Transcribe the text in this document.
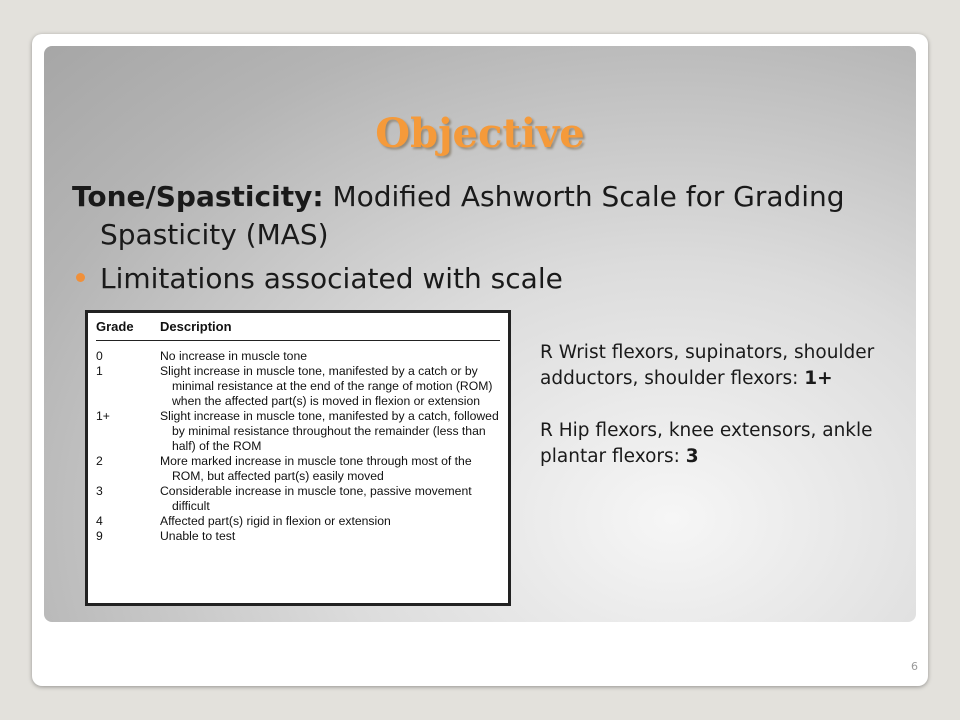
Objective

Tone/Spasticity: Modified Ashworth Scale for Grading Spasticity (MAS)

Limitations associated with scale
Grade	Description
0	No increase in muscle tone
1	Slight increase in muscle tone, manifested by a catch or by minimal resistance at the end of the range of motion (ROM) when the affected part(s) is moved in flexion or extension
1+	Slight increase in muscle tone, manifested by a catch, followed by minimal resistance throughout the remainder (less than half) of the ROM
2	More marked increase in muscle tone through most of the ROM, but affected part(s) easily moved
3	Considerable increase in muscle tone, passive movement difficult
4	Affected part(s) rigid in flexion or extension
9	Unable to test

R Wrist flexors, supinators, shoulder adductors, shoulder flexors: 1+

R Hip flexors, knee extensors, ankle plantar flexors: 3

6
